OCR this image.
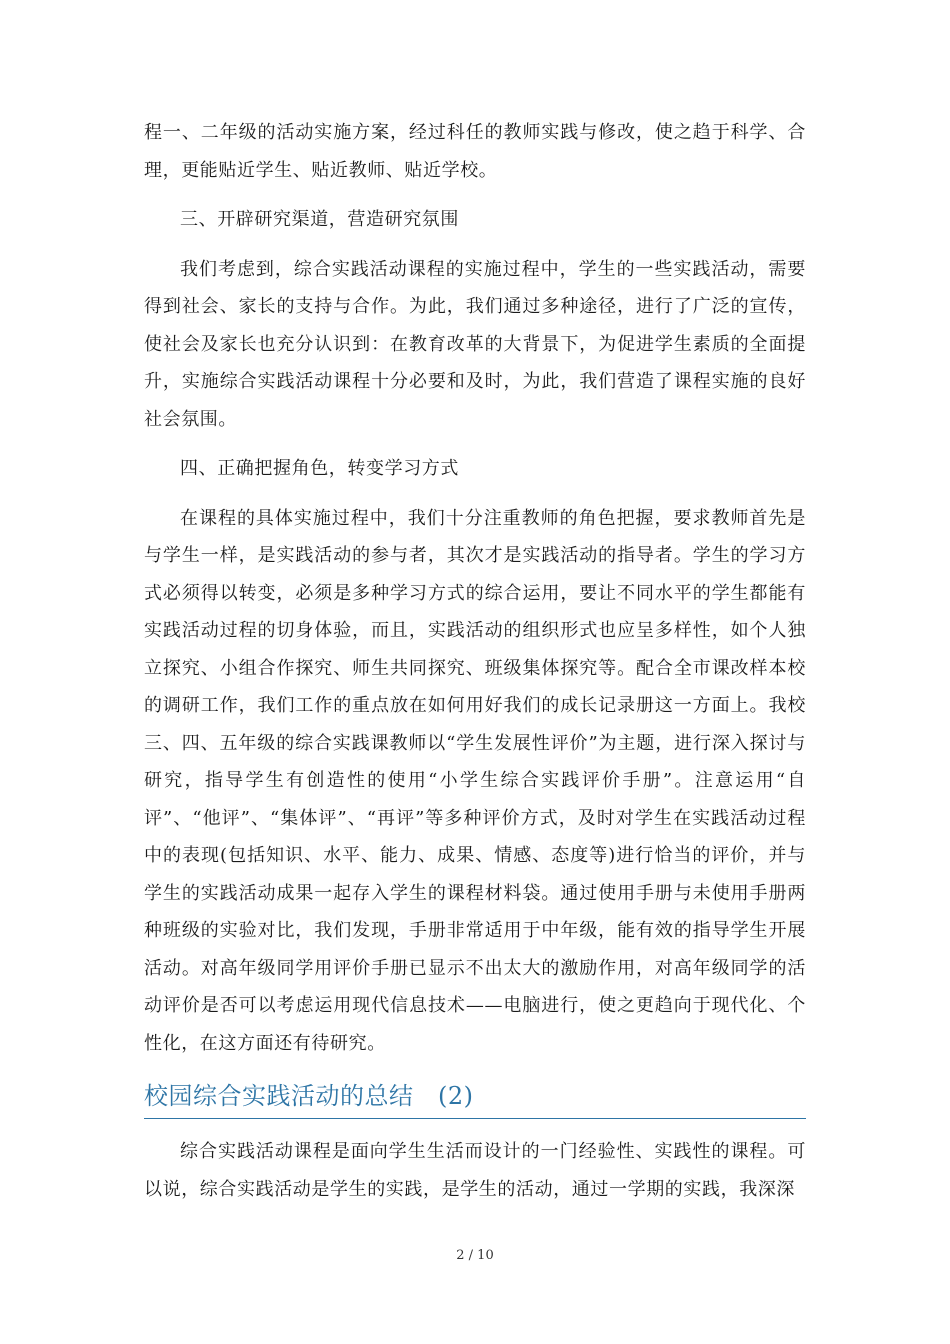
程一、二年级的活动实施方案，经过科任的教师实践与修改，使之趋于科学、合理，更能贴近学生、贴近教师、贴近学校。

三、开辟研究渠道，营造研究氛围

我们考虑到，综合实践活动课程的实施过程中，学生的一些实践活动，需要得到社会、家长的支持与合作。为此，我们通过多种途径，进行了广泛的宣传，使社会及家长也充分认识到：在教育改革的大背景下，为促进学生素质的全面提升，实施综合实践活动课程十分必要和及时，为此，我们营造了课程实施的良好社会氛围。

四、正确把握角色，转变学习方式

在课程的具体实施过程中，我们十分注重教师的角色把握，要求教师首先是与学生一样，是实践活动的参与者，其次才是实践活动的指导者。学生的学习方式必须得以转变，必须是多种学习方式的综合运用，要让不同水平的学生都能有实践活动过程的切身体验，而且，实践活动的组织形式也应呈多样性，如个人独立探究、小组合作探究、师生共同探究、班级集体探究等。配合全市课改样本校的调研工作，我们工作的重点放在如何用好我们的成长记录册这一方面上。我校三、四、五年级的综合实践课教师以“学生发展性评价”为主题，进行深入探讨与研究，指导学生有创造性的使用“小学生综合实践评价手册”。注意运用“自评”、“他评”、“集体评”、“再评”等多种评价方式，及时对学生在实践活动过程中的表现(包括知识、水平、能力、成果、情感、态度等)进行恰当的评价，并与学生的实践活动成果一起存入学生的课程材料袋。通过使用手册与未使用手册两种班级的实验对比，我们发现，手册非常适用于中年级，能有效的指导学生开展活动。对高年级同学用评价手册已显示不出太大的激励作用，对高年级同学的活动评价是否可以考虑运用现代信息技术——电脑进行，使之更趋向于现代化、个性化，在这方面还有待研究。

校园综合实践活动的总结　(2)

综合实践活动课程是面向学生生活而设计的一门经验性、实践性的课程。可以说，综合实践活动是学生的实践，是学生的活动，通过一学期的实践，我深深

2 / 10
